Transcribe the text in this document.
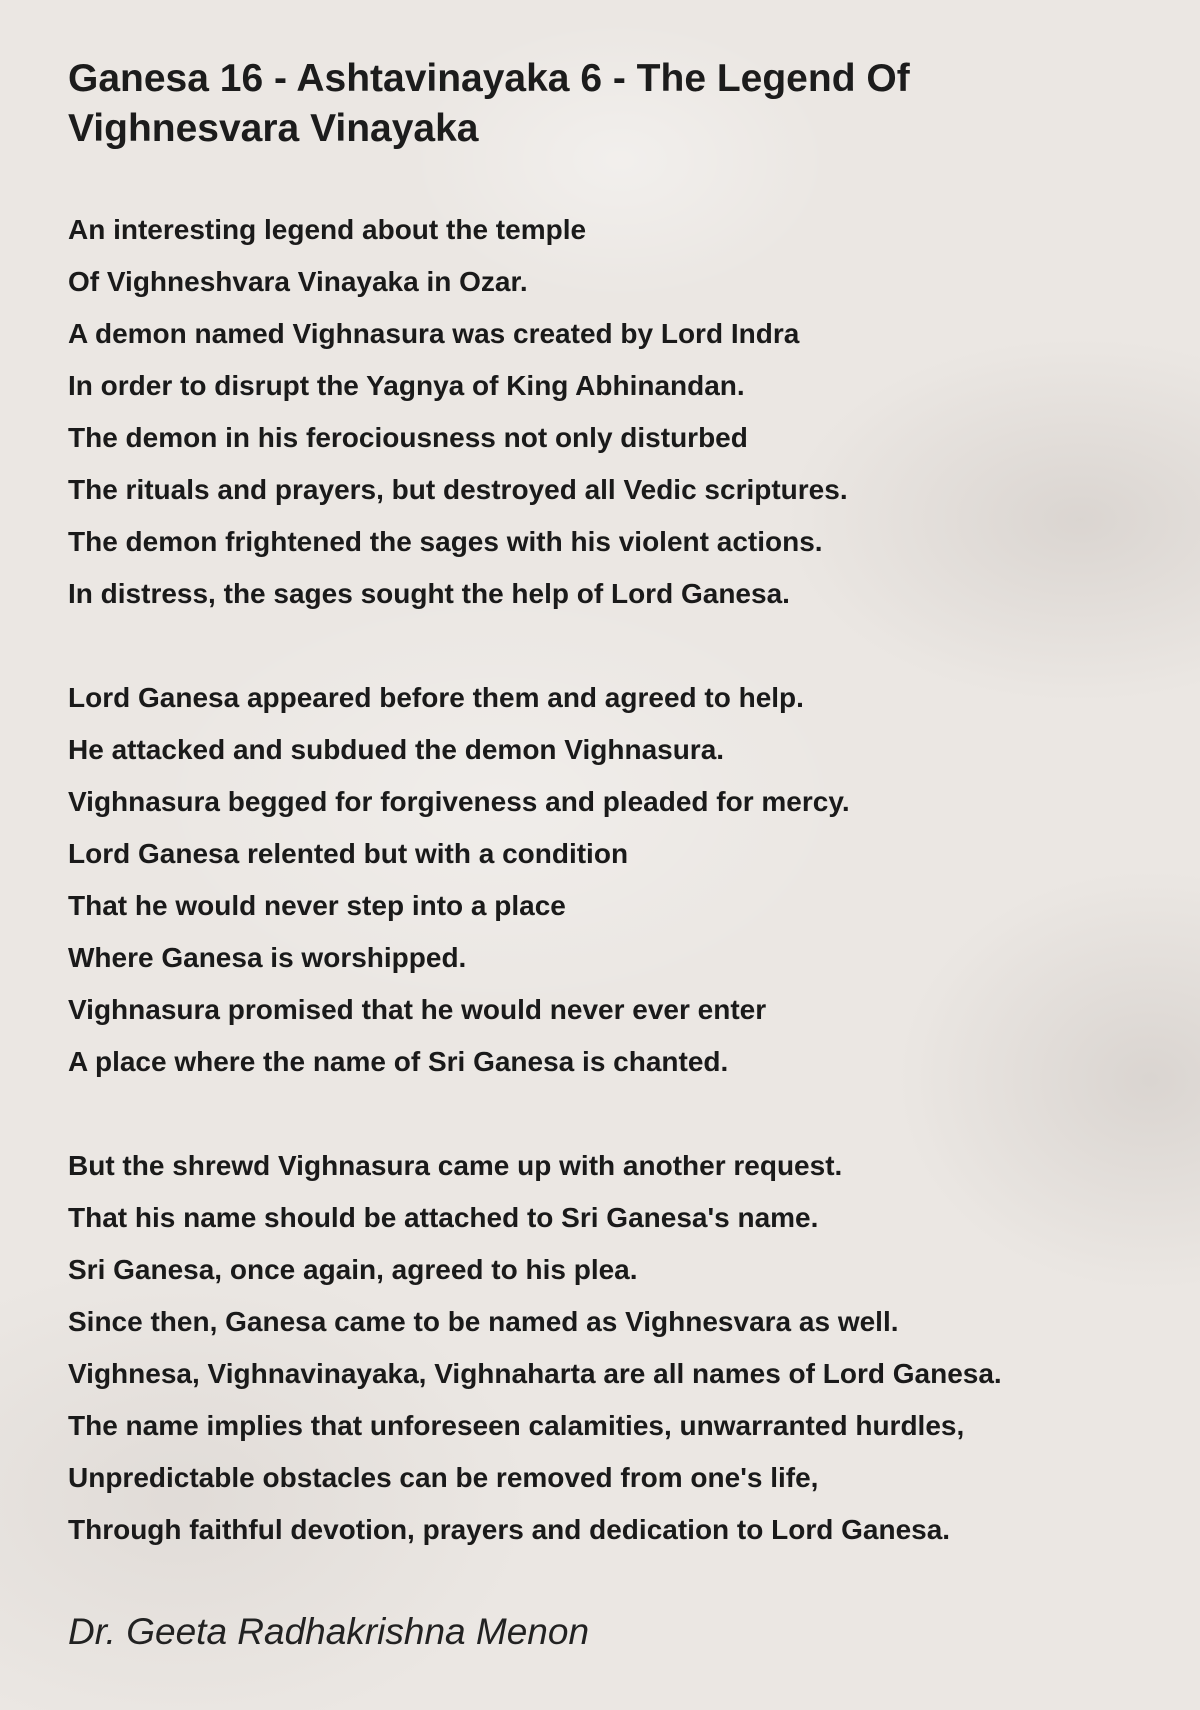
Ganesa 16 - Ashtavinayaka 6 - The Legend Of Vighnesvara Vinayaka
An interesting legend about the temple
Of Vighneshvara Vinayaka in Ozar.
A demon named Vighnasura was created by Lord Indra
In order to disrupt the Yagnya of King Abhinandan.
The demon in his ferociousness not only disturbed
The rituals and prayers, but destroyed all Vedic scriptures.
The demon frightened the sages with his violent actions.
In distress, the sages sought the help of Lord Ganesa.
Lord Ganesa appeared before them and agreed to help.
He attacked and subdued the demon Vighnasura.
Vighnasura begged for forgiveness and pleaded for mercy.
Lord Ganesa relented but with a condition
That he would never step into a place
Where Ganesa is worshipped.
Vighnasura promised that he would never ever enter
A place where the name of Sri Ganesa is chanted.
But the shrewd Vighnasura came up with another request.
That his name should be attached to Sri Ganesa's name.
Sri Ganesa, once again, agreed to his plea.
Since then, Ganesa came to be named as Vighnesvara as well.
Vighnesa, Vighnavinayaka, Vighnaharta are all names of Lord Ganesa.
The name implies that unforeseen calamities, unwarranted hurdles,
Unpredictable obstacles can be removed from one's life,
Through faithful devotion, prayers and dedication to Lord Ganesa.

Dr. Geeta Radhakrishna Menon
